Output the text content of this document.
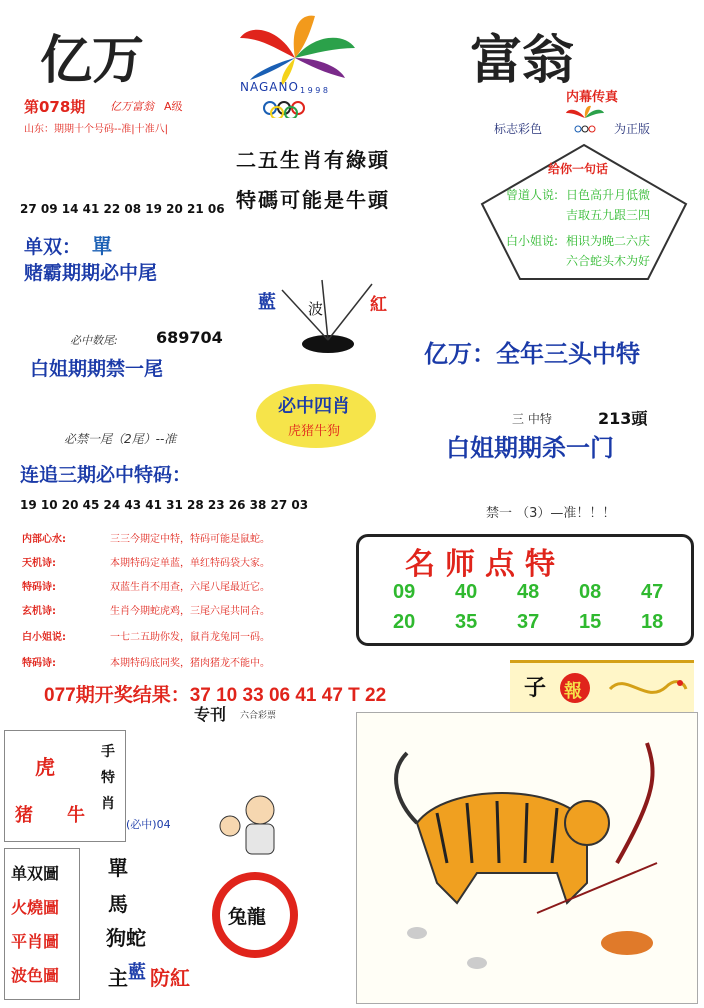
亿万	富翁
NAGANO 1 9 9 8
第078期 亿万富翁 A级
山东：期期十个号码--准|十准八|
内幕传真
标志彩色	为正版
给你一句话
曾道人说: 日色高升月低微
吉取五九跟三四
白小姐说: 相识为晚二六庆
六合蛇头木为好
二五生肖有綠頭
特碼可能是牛頭
27 09 14 41 22 08 19 20 21 06
单双： 單
赌霸期期必中尾
藍 波	紅
必中数尾: 689704
白姐期期禁一尾
亿万：全年三头中特
必中四肖
虎猪牛狗
三 中特	213頭
必禁一尾（2尾）--准	白姐期期杀一门
连追三期必中特码：
19 10 20 45 24 43 41 31 28 23 26 38 27 03
禁一 （3）—准！！！
内部心水:	三三今期定中特，特码可能是鼠蛇。
天机诗:	本期特码定单蓝，单红特码袋大家。
特码诗:	双蓝生肖不用查，六尾八尾最近它。
玄机诗:	生肖今期蛇虎鸡，三尾六尾共同合。
白小姐说:	一七二五助你发，鼠肖龙兔同一码。
特码诗:	本期特码底同奖，猪肉猪龙不能中。
名师点特
09 40 48 08 47
20 35 37 15 18
077期开奖结果：37 10 33 06 41 47 T 22	子 報
专刊 六合彩票
虎
猪 牛
手
特
肖
(必中)04
单双圖
火燒圖
平肖圖
波色圖
單
馬
狗蛇
兔龍
主 藍 防紅
